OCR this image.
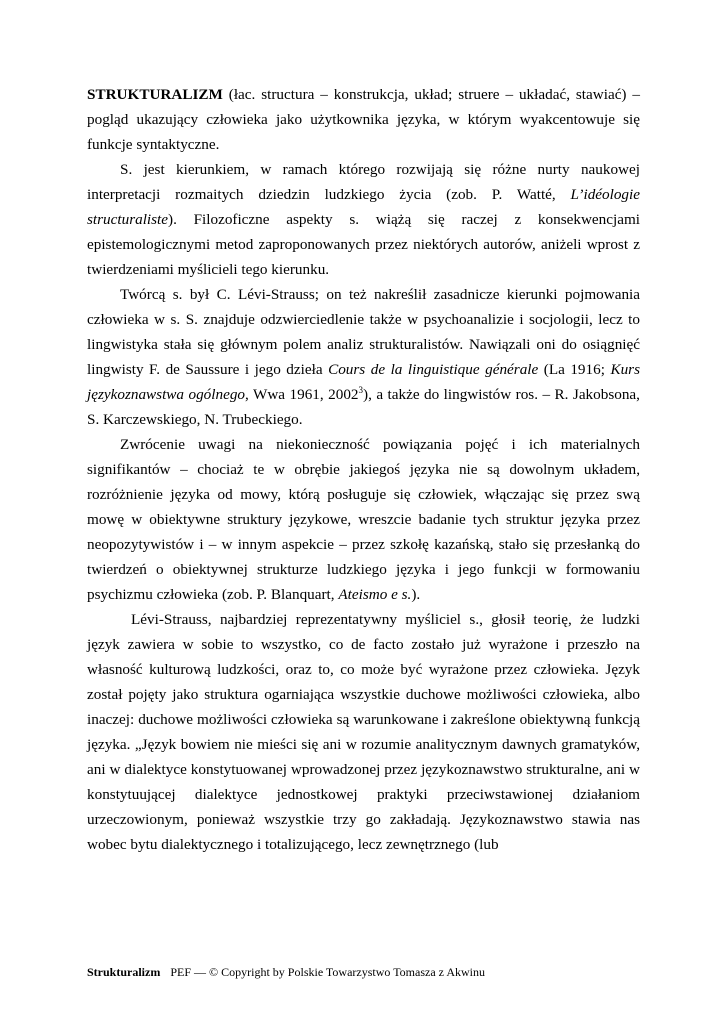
STRUKTURALIZM (łac. structura – konstrukcja, układ; struere – układać, stawiać) – pogląd ukazujący człowieka jako użytkownika języka, w którym wyakcentowuje się funkcje syntaktyczne.

S. jest kierunkiem, w ramach którego rozwijają się różne nurty naukowej interpretacji rozmaitych dziedzin ludzkiego życia (zob. P. Watté, L’idéologie structuraliste). Filozoficzne aspekty s. wiążą się raczej z konsekwencjami epistemologicznymi metod zaproponowanych przez niektórych autorów, aniżeli wprost z twierdzeniami myślicieli tego kierunku.

Twórcą s. był C. Lévi-Strauss; on też nakreślił zasadnicze kierunki pojmowania człowieka w s. S. znajduje odzwierciedlenie także w psychoanalizie i socjologii, lecz to lingwistyka stała się głównym polem analiz strukturalistów. Nawiązali oni do osiągnięć lingwisty F. de Saussure i jego dzieła Cours de la linguistique générale (La 1916; Kurs językoznawstwa ogólnego, Wwa 1961, 2002$^3$), a także do lingwistów ros. – R. Jakobsona, S. Karczewskiego, N. Trubeckiego.

Zwrócenie uwagi na niekonieczność powiązania pojęć i ich materialnych signifikantów – chociaż te w obrębie jakiegoś języka nie są dowolnym układem, rozróżnienie języka od mowy, którą posługuje się człowiek, włączając się przez swą mowę w obiektywne struktury językowe, wreszcie badanie tych struktur języka przez neopozytywistów i – w innym aspekcie – przez szkołę kazańską, stało się przesłanką do twierdzeń o obiektywnej strukturze ludzkiego języka i jego funkcji w formowaniu psychizmu człowieka (zob. P. Blanquart, Ateismo e s.).

Lévi-Strauss, najbardziej reprezentatywny myśliciel s., głosił teorię, że ludzki język zawiera w sobie to wszystko, co de facto zostało już wyrażone i przeszło na własność kulturową ludzkości, oraz to, co może być wyrażone przez człowieka. Język został pojęty jako struktura ogarniająca wszystkie duchowe możliwości człowieka, albo inaczej: duchowe możliwości człowieka są warunkowane i zakreślone obiektywną funkcją języka. „Język bowiem nie mieści się ani w rozumie analitycznym dawnych gramatyków, ani w dialektyce konstytuowanej wprowadzonej przez językoznawstwo strukturalne, ani w konstytuującej dialektyce jednostkowej praktyki przeciwstawionej działaniom urzeczowionym, ponieważ wszystkie trzy go zakładają. Językoznawstwo stawia nas wobec bytu dialektycznego i totalizującego, lecz zewnętrznego (lub

Strukturalizm PEF — © Copyright by Polskie Towarzystwo Tomasza z Akwinu
